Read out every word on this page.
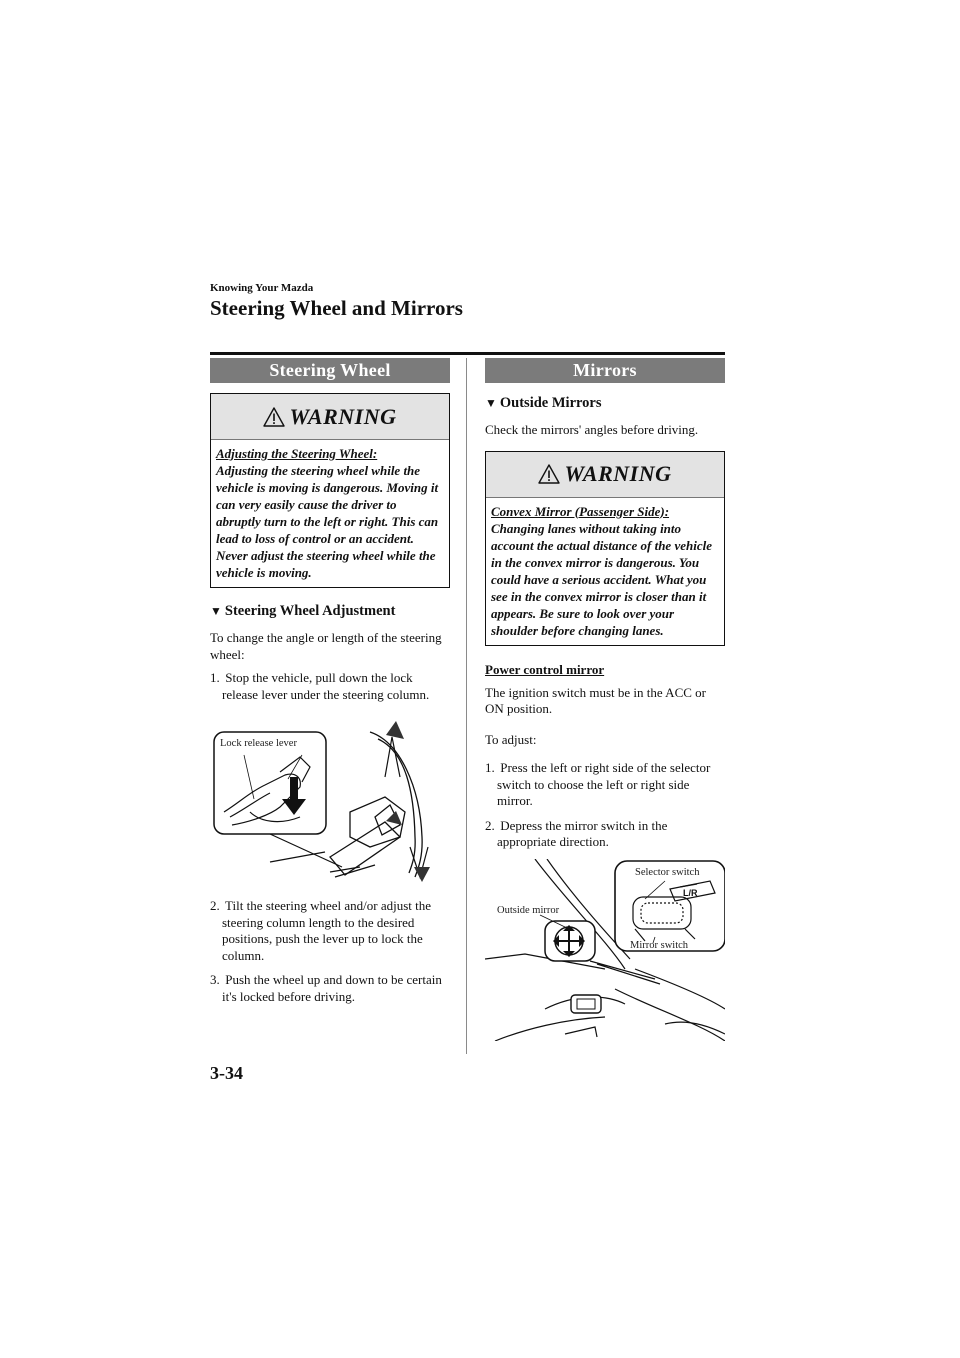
Knowing Your Mazda
Steering Wheel and Mirrors
Steering Wheel
WARNING
Adjusting the Steering Wheel:
Adjusting the steering wheel while the vehicle is moving is dangerous. Moving it can very easily cause the driver to abruptly turn to the left or right. This can lead to loss of control or an accident. Never adjust the steering wheel while the vehicle is moving.
▼ Steering Wheel Adjustment

To change the angle or length of the steering wheel:

1. Stop the vehicle, pull down the lock release lever under the steering column.

Lock release lever

2. Tilt the steering wheel and/or adjust the steering column length to the desired positions, push the lever up to lock the column.

3. Push the wheel up and down to be certain it's locked before driving.

Mirrors
▼ Outside Mirrors

Check the mirrors' angles before driving.

WARNING
Convex Mirror (Passenger Side):
Changing lanes without taking into account the actual distance of the vehicle in the convex mirror is dangerous. You could have a serious accident. What you see in the convex mirror is closer than it appears. Be sure to look over your shoulder before changing lanes.
Power control mirror

The ignition switch must be in the ACC or ON position.

To adjust:

1. Press the left or right side of the selector switch to choose the left or right side mirror.

2. Depress the mirror switch in the appropriate direction.

L/R
Selector switch
Outside mirror
Mirror switch
3-34
